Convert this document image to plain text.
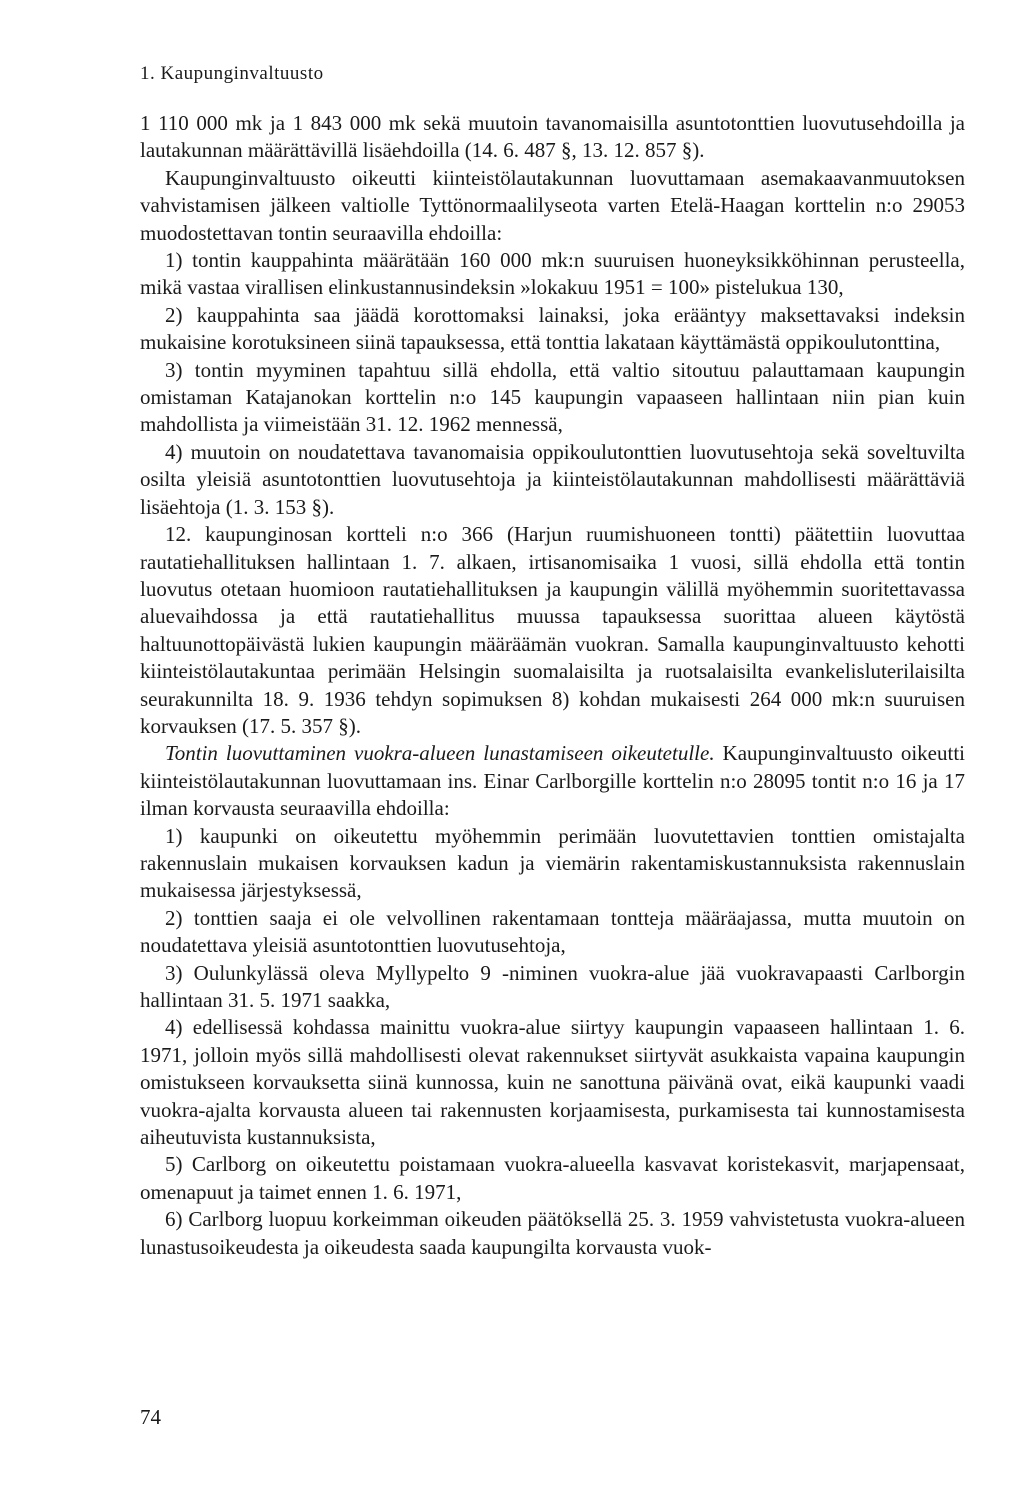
1. Kaupunginvaltuusto

1 110 000 mk ja 1 843 000 mk sekä muutoin tavanomaisilla asuntotonttien luovutusehdoilla ja lautakunnan määrättävillä lisäehdoilla (14. 6. 487 §, 13. 12. 857 §).

Kaupunginvaltuusto oikeutti kiinteistölautakunnan luovuttamaan asemakaavanmuutoksen vahvistamisen jälkeen valtiolle Tyttönormaalilyseota varten Etelä-Haagan korttelin n:o 29053 muodostettavan tontin seuraavilla ehdoilla:

1) tontin kauppahinta määrätään 160 000 mk:n suuruisen huoneyksikköhinnan perusteella, mikä vastaa virallisen elinkustannusindeksin »lokakuu 1951 = 100» pistelukua 130,

2) kauppahinta saa jäädä korottomaksi lainaksi, joka erääntyy maksettavaksi indeksin mukaisine korotuksineen siinä tapauksessa, että tonttia lakataan käyttämästä oppikoulutonttina,

3) tontin myyminen tapahtuu sillä ehdolla, että valtio sitoutuu palauttamaan kaupungin omistaman Katajanokan korttelin n:o 145 kaupungin vapaaseen hallintaan niin pian kuin mahdollista ja viimeistään 31. 12. 1962 mennessä,

4) muutoin on noudatettava tavanomaisia oppikoulutonttien luovutusehtoja sekä soveltuvilta osilta yleisiä asuntotonttien luovutusehtoja ja kiinteistölautakunnan mahdollisesti määrättäviä lisäehtoja (1. 3. 153 §).

12. kaupunginosan kortteli n:o 366 (Harjun ruumishuoneen tontti) päätettiin luovuttaa rautatiehallituksen hallintaan 1. 7. alkaen, irtisanomisaika 1 vuosi, sillä ehdolla että tontin luovutus otetaan huomioon rautatiehallituksen ja kaupungin välillä myöhemmin suoritettavassa aluevaihdossa ja että rautatiehallitus muussa tapauksessa suorittaa alueen käytöstä haltuunottopäivästä lukien kaupungin määräämän vuokran. Samalla kaupunginvaltuusto kehotti kiinteistölautakuntaa perimään Helsingin suomalaisilta ja ruotsalaisilta evankelisluterilaisilta seurakunnilta 18. 9. 1936 tehdyn sopimuksen 8) kohdan mukaisesti 264 000 mk:n suuruisen korvauksen (17. 5. 357 §).

Tontin luovuttaminen vuokra-alueen lunastamiseen oikeutetulle. Kaupunginvaltuusto oikeutti kiinteistölautakunnan luovuttamaan ins. Einar Carlborgille korttelin n:o 28095 tontit n:o 16 ja 17 ilman korvausta seuraavilla ehdoilla:

1) kaupunki on oikeutettu myöhemmin perimään luovutettavien tonttien omistajalta rakennuslain mukaisen korvauksen kadun ja viemärin rakentamiskustannuksista rakennuslain mukaisessa järjestyksessä,

2) tonttien saaja ei ole velvollinen rakentamaan tontteja määräajassa, mutta muutoin on noudatettava yleisiä asuntotonttien luovutusehtoja,

3) Oulunkylässä oleva Myllypelto 9 -niminen vuokra-alue jää vuokravapaasti Carlborgin hallintaan 31. 5. 1971 saakka,

4) edellisessä kohdassa mainittu vuokra-alue siirtyy kaupungin vapaaseen hallintaan 1. 6. 1971, jolloin myös sillä mahdollisesti olevat rakennukset siirtyvät asukkaista vapaina kaupungin omistukseen korvauksetta siinä kunnossa, kuin ne sanottuna päivänä ovat, eikä kaupunki vaadi vuokra-ajalta korvausta alueen tai rakennusten korjaamisesta, purkamisesta tai kunnostamisesta aiheutuvista kustannuksista,

5) Carlborg on oikeutettu poistamaan vuokra-alueella kasvavat koristekasvit, marjapensaat, omenapuut ja taimet ennen 1. 6. 1971,

6) Carlborg luopuu korkeimman oikeuden päätöksellä 25. 3. 1959 vahvistetusta vuokra-alueen lunastusoikeudesta ja oikeudesta saada kaupungilta korvausta vuok-

74
